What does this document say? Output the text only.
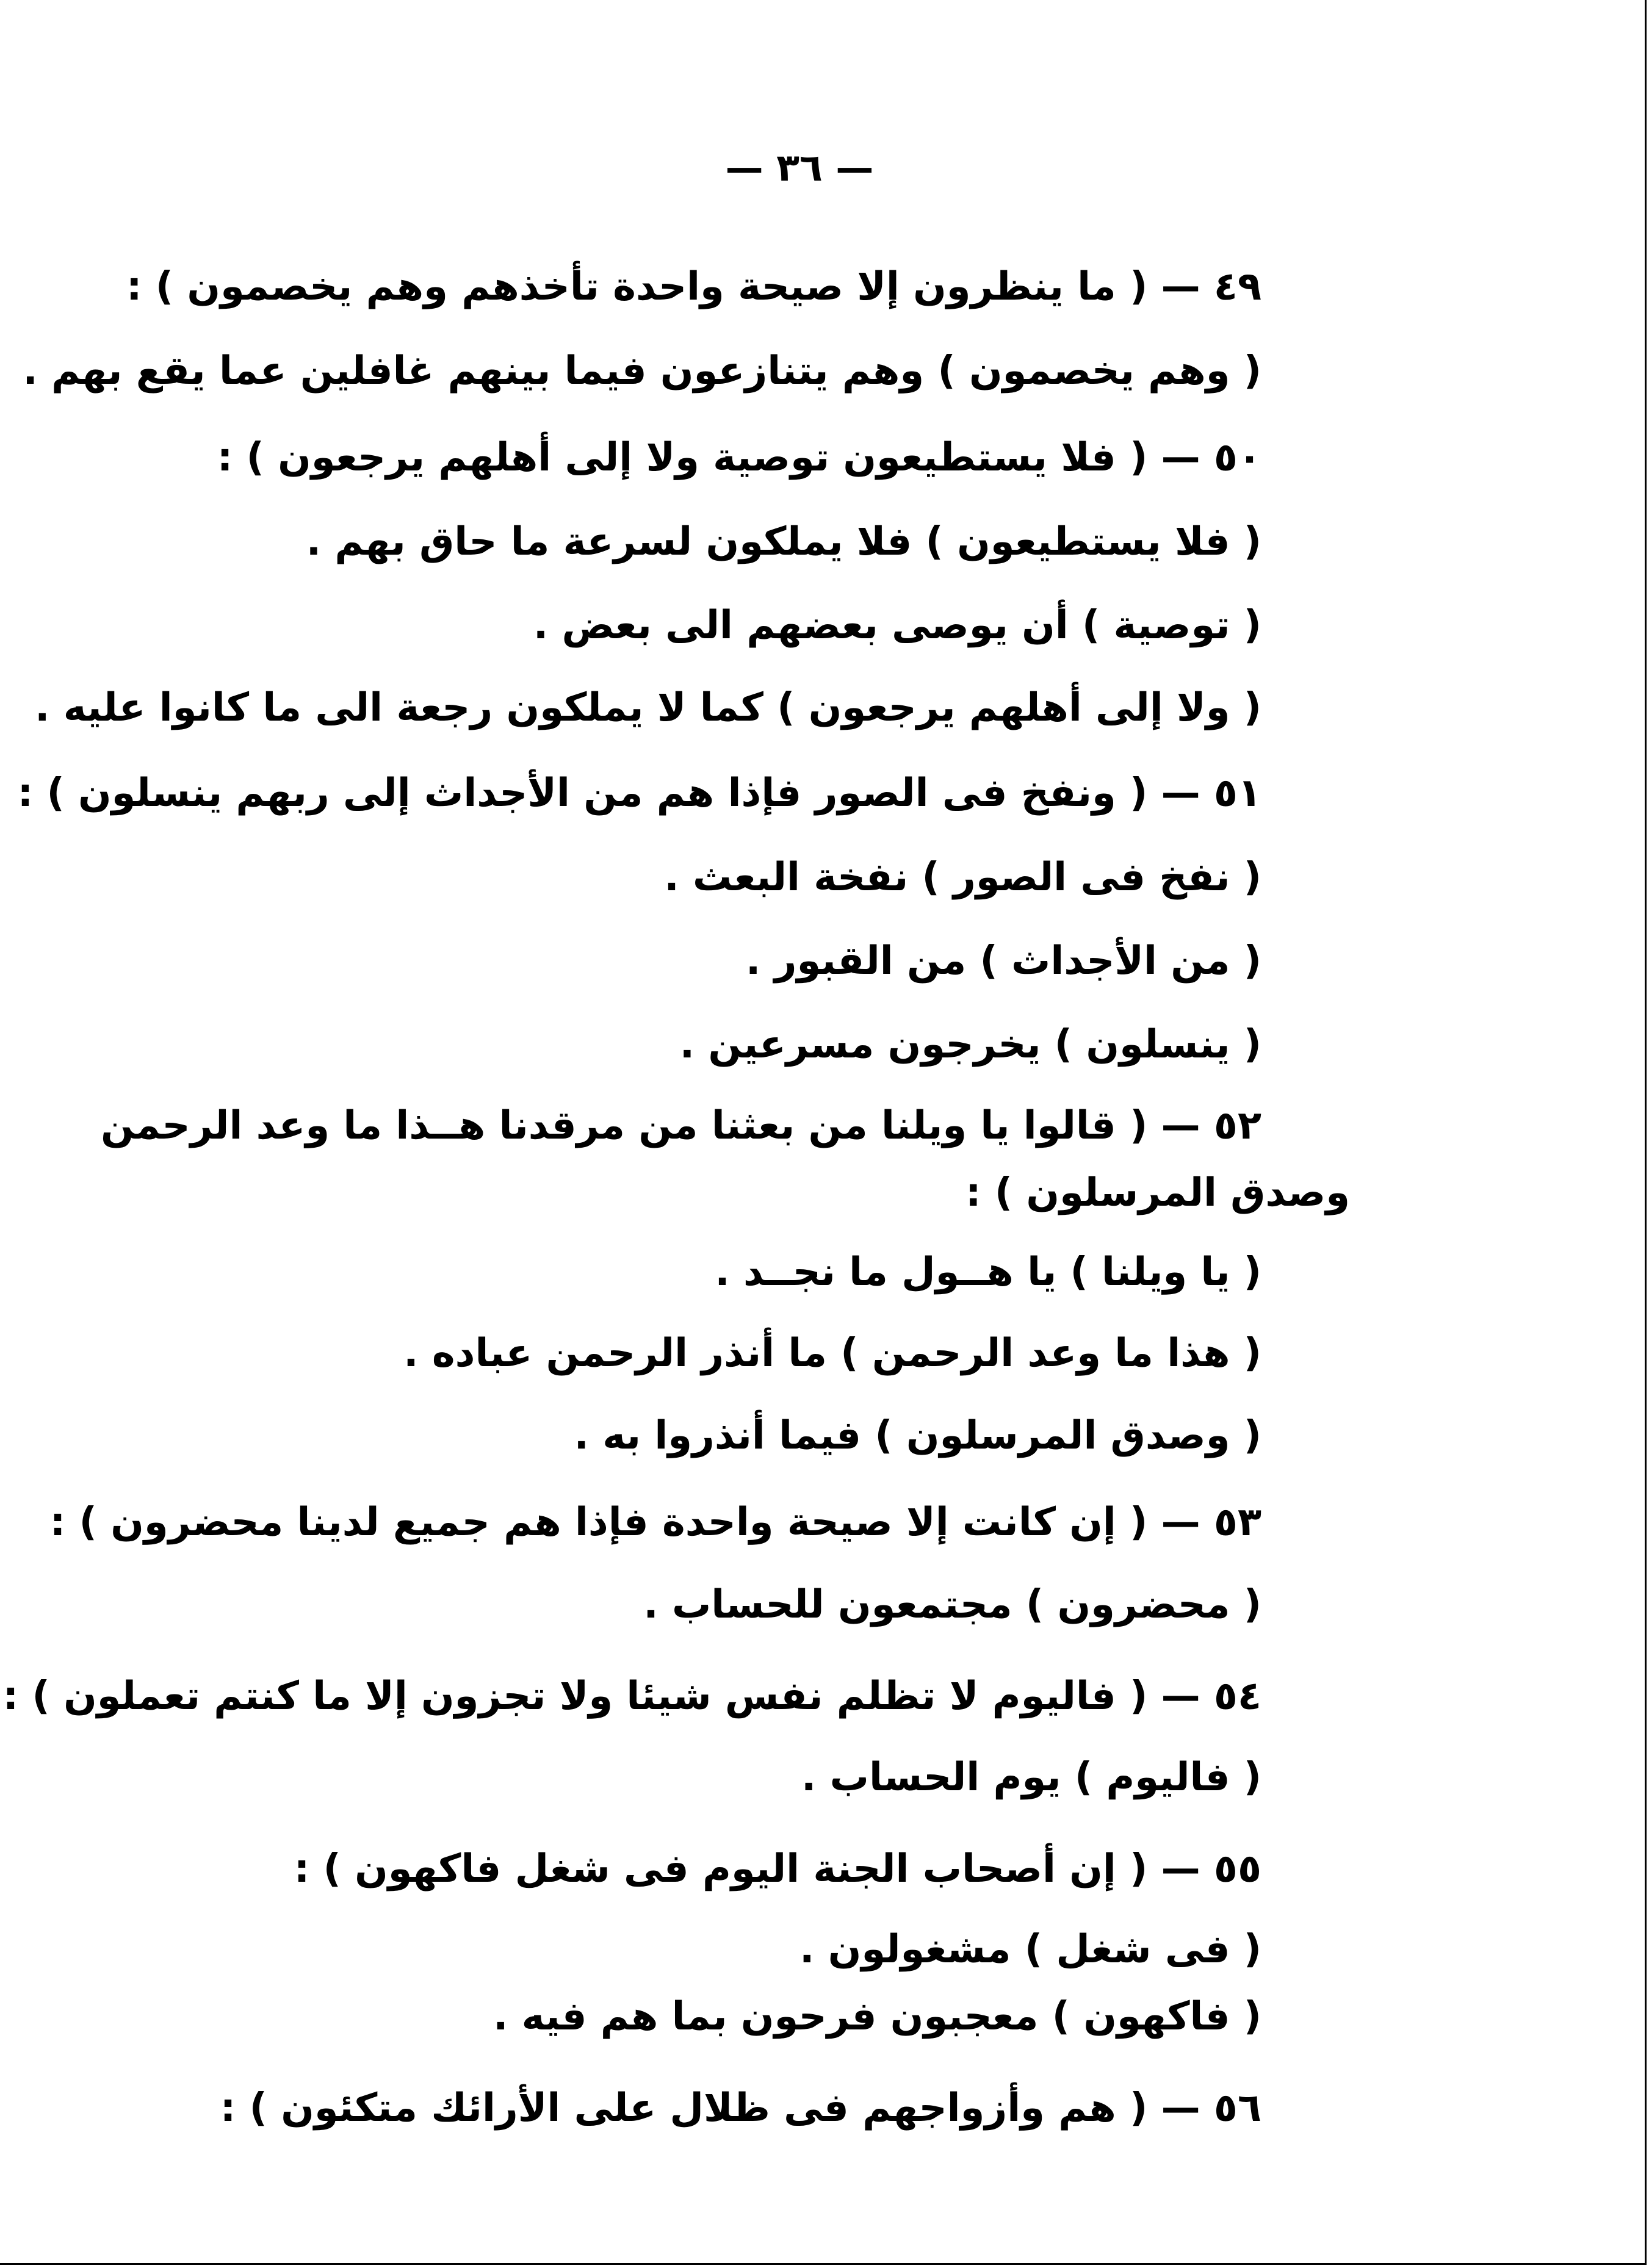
— ٣٦ —
٤٩ — ( ما ينظرون إلا صيحة واحدة تأخذهم وهم يخصمون ) :
( وهم يخصمون ) وهم يتنازعون فيما بينهم غافلين عما يقع بهم .
٥٠ — ( فلا يستطيعون توصية ولا إلى أهلهم يرجعون ) :
( فلا يستطيعون ) فلا يملكون لسرعة ما حاق بهم .
( توصية ) أن يوصى بعضهم الى بعض .
( ولا إلى أهلهم يرجعون ) كما لا يملكون رجعة الى ما كانوا عليه .
٥١ — ( ونفخ فى الصور فإذا هم من الأجداث إلى ربهم ينسلون ) :
( نفخ فى الصور ) نفخة البعث .
( من الأجداث ) من القبور .
( ينسلون ) يخرجون مسرعين .
٥٢ — ( قالوا يا ويلنا من بعثنا من مرقدنا هــذا ما وعد الرحمن
وصدق المرسلون ) :
( يا ويلنا ) يا هــول ما نجــد .
( هذا ما وعد الرحمن ) ما أنذر الرحمن عباده .
( وصدق المرسلون ) فيما أنذروا به .
٥٣ — ( إن كانت إلا صيحة واحدة فإذا هم جميع لدينا محضرون ) :
( محضرون ) مجتمعون للحساب .
٥٤ — ( فاليوم لا تظلم نفس شيئا ولا تجزون إلا ما كنتم تعملون ) :
( فاليوم ) يوم الحساب .
٥٥ — ( إن أصحاب الجنة اليوم فى شغل فاكهون ) :
( فى شغل ) مشغولون .
( فاكهون ) معجبون فرحون بما هم فيه .
٥٦ — ( هم وأزواجهم فى ظلال على الأرائك متكئون ) :
